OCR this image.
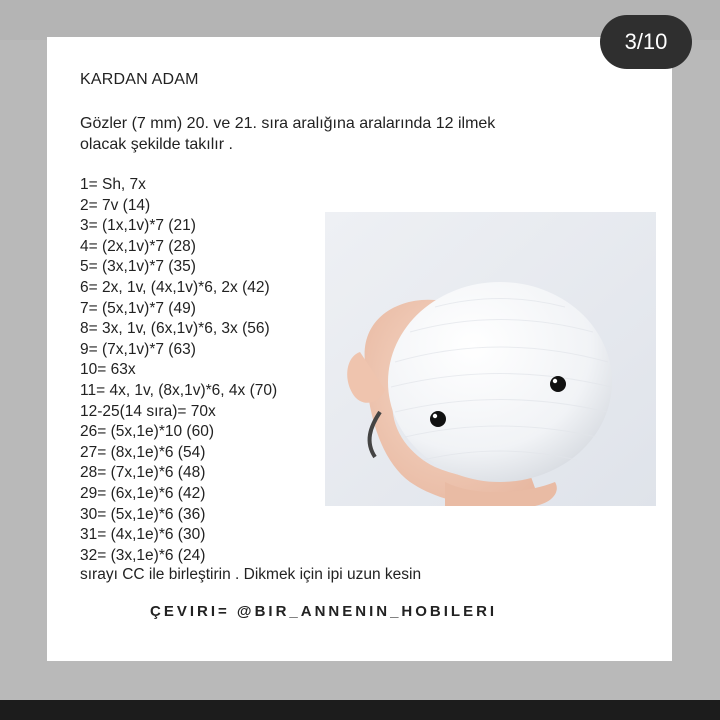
3/10
KARDAN ADAM
Gözler (7 mm) 20. ve 21. sıra aralığına aralarında 12 ilmek
olacak şekilde takılır .
1= Sh, 7x
2= 7v (14)
3= (1x,1v)*7 (21)
4= (2x,1v)*7 (28)
5= (3x,1v)*7 (35)
6= 2x, 1v, (4x,1v)*6, 2x (42)
7= (5x,1v)*7 (49)
8= 3x, 1v, (6x,1v)*6, 3x (56)
9= (7x,1v)*7 (63)
10= 63x
11= 4x, 1v, (8x,1v)*6, 4x (70)
12-25(14 sıra)= 70x
26= (5x,1e)*10 (60)
27= (8x,1e)*6 (54)
28= (7x,1e)*6 (48)
29= (6x,1e)*6 (42)
30= (5x,1e)*6 (36)
31= (4x,1e)*6 (30)
32= (3x,1e)*6 (24)
sırayı CC ile birleştirin . Dikmek için ipi uzun kesin
ÇEVIRI= @BIR_ANNENIN_HOBILERI
